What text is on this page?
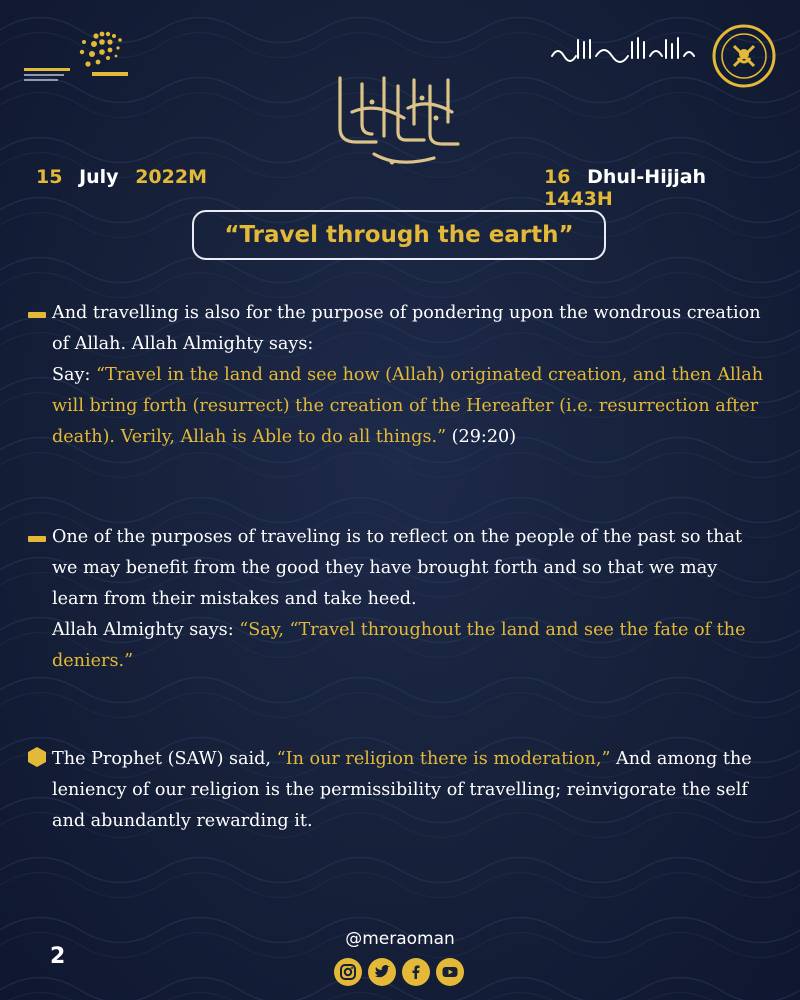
15 July 2022M	16 Dhul-Hijjah 1443H
“Travel through the earth”

And travelling is also for the purpose of pondering upon the wondrous creation of Allah. Allah Almighty says:
Say: “Travel in the land and see how (Allah) originated creation, and then Allah will bring forth (resurrect) the creation of the Hereafter (i.e. resurrection after death). Verily, Allah is Able to do all things.” (29:20)

One of the purposes of traveling is to reflect on the people of the past so that we may benefit from the good they have brought forth and so that we may learn from their mistakes and take heed.
Allah Almighty says: “Say, “Travel throughout the land and see the fate of the deniers.”

The Prophet (SAW) said, “In our religion there is moderation,” And among the leniency of our religion is the permissibility of travelling; reinvigorate the self and abundantly rewarding it.

2
@meraoman
